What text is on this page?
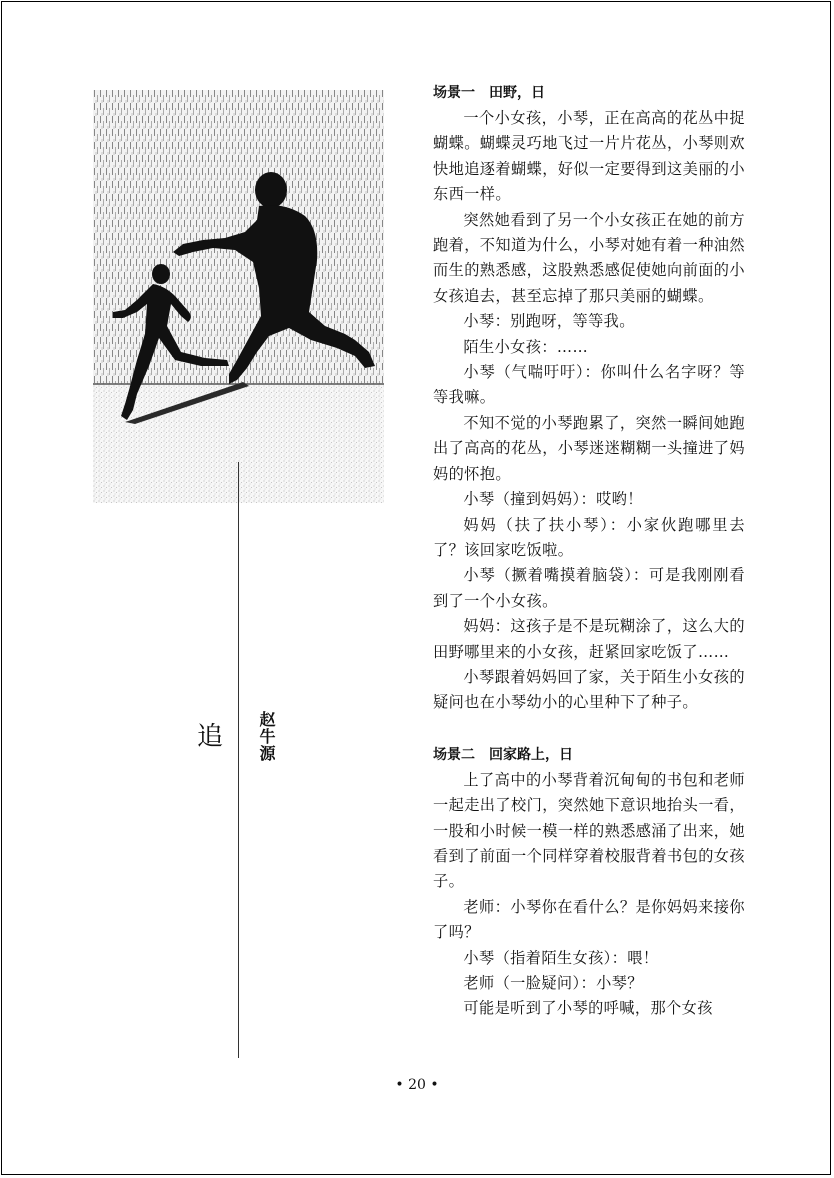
追 赵牛源

场景一　田野，日

一个小女孩，小琴，正在高高的花丛中捉蝴蝶。蝴蝶灵巧地飞过一片片花丛，小琴则欢快地追逐着蝴蝶，好似一定要得到这美丽的小东西一样。

突然她看到了另一个小女孩正在她的前方跑着，不知道为什么，小琴对她有着一种油然而生的熟悉感，这股熟悉感促使她向前面的小女孩追去，甚至忘掉了那只美丽的蝴蝶。

小琴：别跑呀，等等我。

陌生小女孩：……

小琴（气喘吁吁）：你叫什么名字呀？等等我嘛。

不知不觉的小琴跑累了，突然一瞬间她跑出了高高的花丛，小琴迷迷糊糊一头撞进了妈妈的怀抱。

小琴（撞到妈妈）：哎哟！

妈妈（扶了扶小琴）：小家伙跑哪里去了？该回家吃饭啦。

小琴（撅着嘴摸着脑袋）：可是我刚刚看到了一个小女孩。

妈妈：这孩子是不是玩糊涂了，这么大的田野哪里来的小女孩，赶紧回家吃饭了……

小琴跟着妈妈回了家，关于陌生小女孩的疑问也在小琴幼小的心里种下了种子。

场景二　回家路上，日

上了高中的小琴背着沉甸甸的书包和老师一起走出了校门，突然她下意识地抬头一看，一股和小时候一模一样的熟悉感涌了出来，她看到了前面一个同样穿着校服背着书包的女孩子。

老师：小琴你在看什么？是你妈妈来接你了吗？

小琴（指着陌生女孩）：喂！

老师（一脸疑问）：小琴？

可能是听到了小琴的呼喊，那个女孩

• 20 •
